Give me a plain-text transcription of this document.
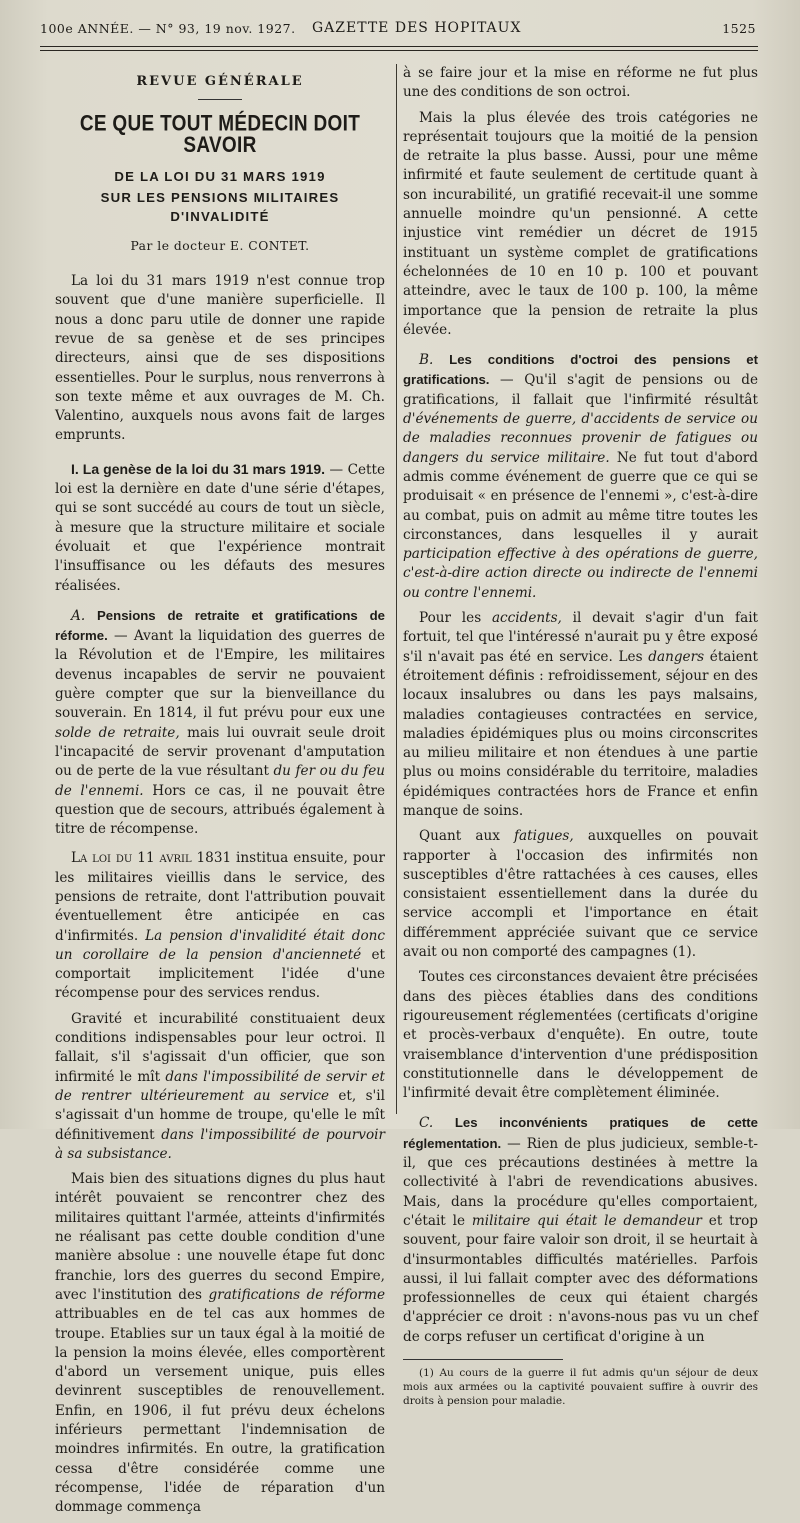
100e ANNÉE. — N° 93, 19 nov. 1927. GAZETTE DES HOPITAUX	1525
REVUE GÉNÉRALE
CE QUE TOUT MÉDECIN DOIT SAVOIR
DE LA LOI DU 31 MARS 1919
SUR LES PENSIONS MILITAIRES D'INVALIDITÉ
Par le docteur E. CONTET.

La loi du 31 mars 1919 n'est connue trop souvent que d'une manière superficielle. Il nous a donc paru utile de donner une rapide revue de sa genèse et de ses principes directeurs, ainsi que de ses dispositions essentielles. Pour le surplus, nous renverrons à son texte même et aux ouvrages de M. Ch. Valentino, auxquels nous avons fait de larges emprunts.

I. La genèse de la loi du 31 mars 1919. — Cette loi est la dernière en date d'une série d'étapes, qui se sont succédé au cours de tout un siècle, à mesure que la structure militaire et sociale évoluait et que l'expérience montrait l'insuffisance ou les défauts des mesures réalisées.

A. Pensions de retraite et gratifications de réforme. — Avant la liquidation des guerres de la Révolution et de l'Empire, les militaires devenus incapables de servir ne pouvaient guère compter que sur la bienveillance du souverain. En 1814, il fut prévu pour eux une solde de retraite, mais lui ouvrait seule droit l'incapacité de servir provenant d'amputation ou de perte de la vue résultant du fer ou du feu de l'ennemi. Hors ce cas, il ne pouvait être question que de secours, attribués également à titre de récompense.

La loi du 11 avril 1831 institua ensuite, pour les militaires vieillis dans le service, des pensions de retraite, dont l'attribution pouvait éventuellement être anticipée en cas d'infirmités. La pension d'invalidité était donc un corollaire de la pension d'ancienneté et comportait implicitement l'idée d'une récompense pour des services rendus.

Gravité et incurabilité constituaient deux conditions indispensables pour leur octroi. Il fallait, s'il s'agissait d'un officier, que son infirmité le mît dans l'impossibilité de servir et de rentrer ultérieurement au service et, s'il s'agissait d'un homme de troupe, qu'elle le mît définitivement dans l'impossibilité de pourvoir à sa subsistance.

Mais bien des situations dignes du plus haut intérêt pouvaient se rencontrer chez des militaires quittant l'armée, atteints d'infirmités ne réalisant pas cette double condition d'une manière absolue : une nouvelle étape fut donc franchie, lors des guerres du second Empire, avec l'institution des gratifications de réforme attribuables en de tel cas aux hommes de troupe. Etablies sur un taux égal à la moitié de la pension la moins élevée, elles comportèrent d'abord un versement unique, puis elles devinrent susceptibles de renouvellement. Enfin, en 1906, il fut prévu deux échelons inférieurs permettant l'indemnisation de moindres infirmités. En outre, la gratification cessa d'être considérée comme une récompense, l'idée de réparation d'un dommage commença

à se faire jour et la mise en réforme ne fut plus une des conditions de son octroi.

Mais la plus élevée des trois catégories ne représentait toujours que la moitié de la pension de retraite la plus basse. Aussi, pour une même infirmité et faute seulement de certitude quant à son incurabilité, un gratifié recevait-il une somme annuelle moindre qu'un pensionné. A cette injustice vint remédier un décret de 1915 instituant un système complet de gratifications échelonnées de 10 en 10 p. 100 et pouvant atteindre, avec le taux de 100 p. 100, la même importance que la pension de retraite la plus élevée.

B. Les conditions d'octroi des pensions et gratifications. — Qu'il s'agit de pensions ou de gratifications, il fallait que l'infirmité résultât d'événements de guerre, d'accidents de service ou de maladies reconnues provenir de fatigues ou dangers du service militaire. Ne fut tout d'abord admis comme événement de guerre que ce qui se produisait « en présence de l'ennemi », c'est-à-dire au combat, puis on admit au même titre toutes les circonstances, dans lesquelles il y aurait participation effective à des opérations de guerre, c'est-à-dire action directe ou indirecte de l'ennemi ou contre l'ennemi.

Pour les accidents, il devait s'agir d'un fait fortuit, tel que l'intéressé n'aurait pu y être exposé s'il n'avait pas été en service. Les dangers étaient étroitement définis : refroidissement, séjour en des locaux insalubres ou dans les pays malsains, maladies contagieuses contractées en service, maladies épidémiques plus ou moins circonscrites au milieu militaire et non étendues à une partie plus ou moins considérable du territoire, maladies épidémiques contractées hors de France et enfin manque de soins.

Quant aux fatigues, auxquelles on pouvait rapporter à l'occasion des infirmités non susceptibles d'être rattachées à ces causes, elles consistaient essentiellement dans la durée du service accompli et l'importance en était différemment appréciée suivant que ce service avait ou non comporté des campagnes (1).

Toutes ces circonstances devaient être précisées dans des pièces établies dans des conditions rigoureusement réglementées (certificats d'origine et procès-verbaux d'enquête). En outre, toute vraisemblance d'intervention d'une prédisposition constitutionnelle dans le développement de l'infirmité devait être complètement éliminée.

C. Les inconvénients pratiques de cette réglementation. — Rien de plus judicieux, semble-t-il, que ces précautions destinées à mettre la collectivité à l'abri de revendications abusives. Mais, dans la procédure qu'elles comportaient, c'était le militaire qui était le demandeur et trop souvent, pour faire valoir son droit, il se heurtait à d'insurmontables difficultés matérielles. Parfois aussi, il lui fallait compter avec des déformations professionnelles de ceux qui étaient chargés d'apprécier ce droit : n'avons-nous pas vu un chef de corps refuser un certificat d'origine à un

(1) Au cours de la guerre il fut admis qu'un séjour de deux mois aux armées ou la captivité pouvaient suffire à ouvrir des droits à pension pour maladie.
